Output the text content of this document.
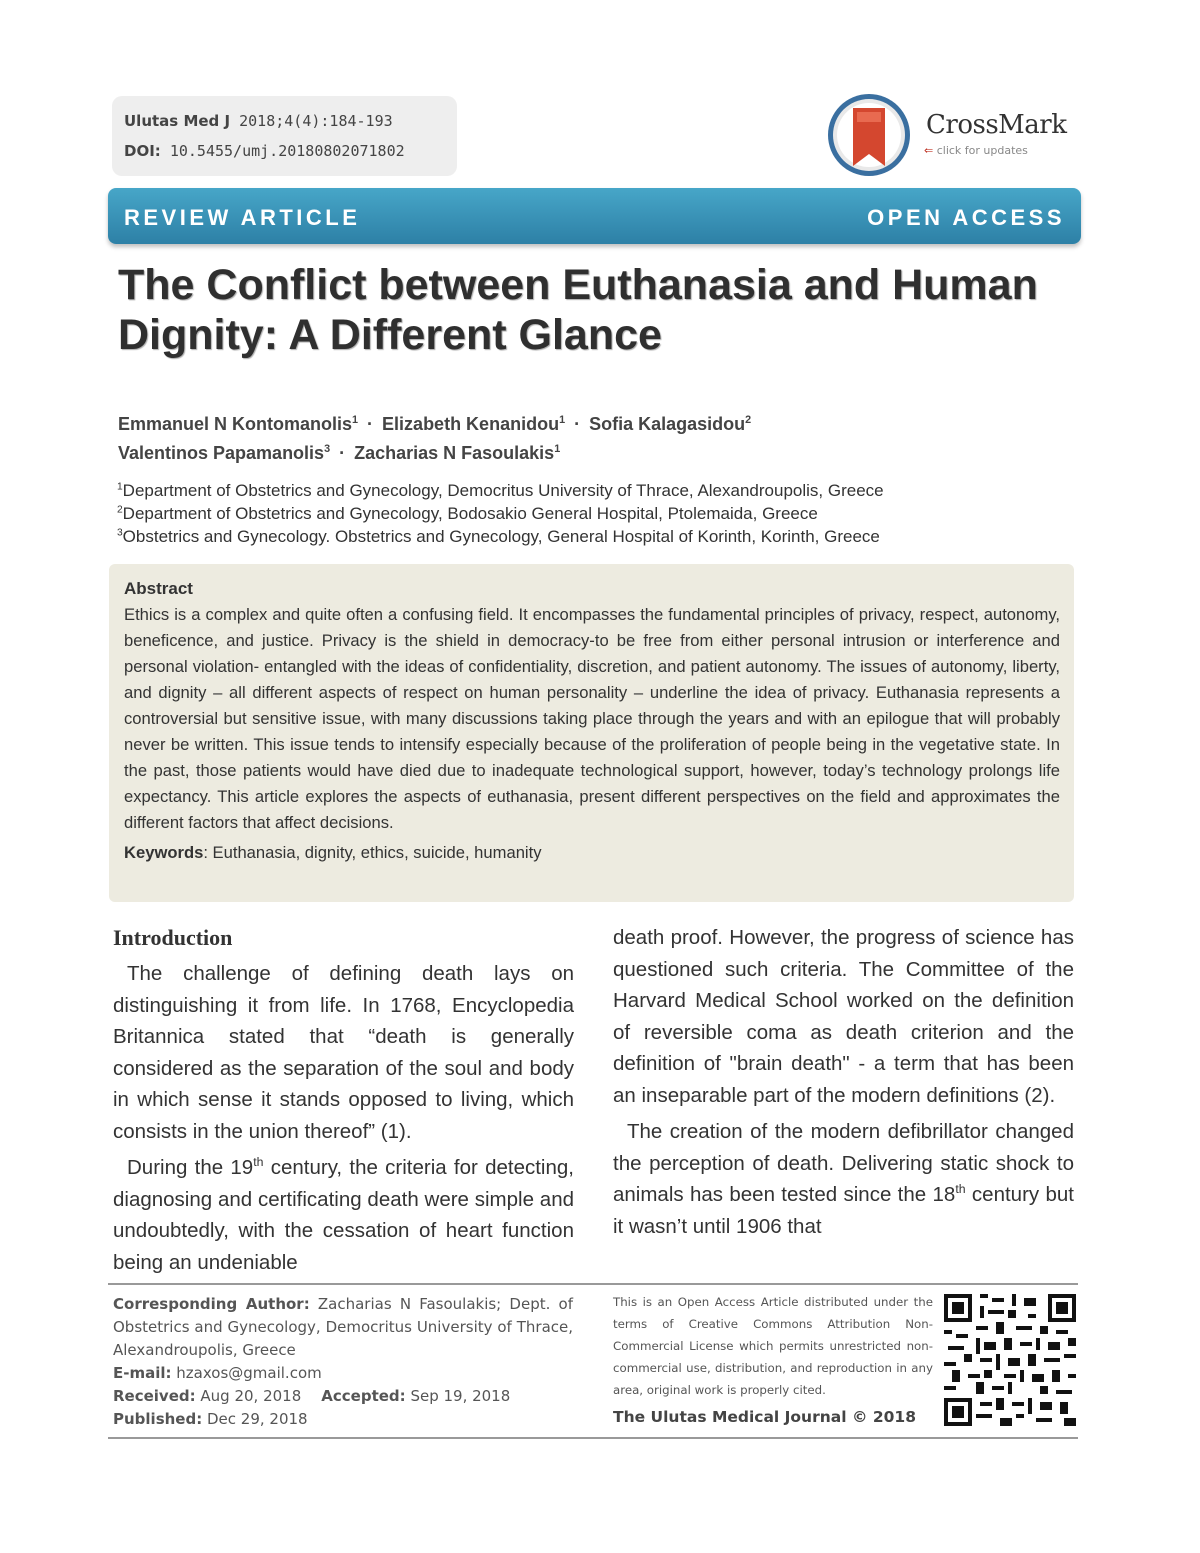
Ulutas Med J 2018;4(4):184-193
DOI: 10.5455/umj.20180802071802
CrossMark
⇐ click for updates
REVIEW ARTICLE	OPEN ACCESS
The Conflict between Euthanasia and Human Dignity: A Different Glance
Emmanuel N Kontomanolis$^1$ · Elizabeth Kenanidou$^1$ · Sofia Kalagasidou$^2$
Valentinos Papamanolis$^3$ · Zacharias N Fasoulakis$^1$
$^1$Department of Obstetrics and Gynecology, Democritus University of Thrace, Alexandroupolis, Greece
$^2$Department of Obstetrics and Gynecology, Bodosakio General Hospital, Ptolemaida, Greece
$^3$Obstetrics and Gynecology. Obstetrics and Gynecology, General Hospital of Korinth, Korinth, Greece

Abstract

Ethics is a complex and quite often a confusing field. It encompasses the fundamental principles of privacy, respect, autonomy, beneficence, and justice. Privacy is the shield in democracy-to be free from either personal intrusion or interference and personal violation- entangled with the ideas of confidentiality, discretion, and patient autonomy. The issues of autonomy, liberty, and dignity – all different aspects of respect on human personality – underline the idea of privacy. Euthanasia represents a controversial but sensitive issue, with many discussions taking place through the years and with an epilogue that will probably never be written. This issue tends to intensify especially because of the proliferation of people being in the vegetative state. In the past, those patients would have died due to inadequate technological support, however, today’s technology prolongs life expectancy. This article explores the aspects of euthanasia, present different perspectives on the field and approximates the different factors that affect decisions.

Keywords: Euthanasia, dignity, ethics, suicide, humanity

Introduction

The challenge of defining death lays on distinguishing it from life. In 1768, Encyclopedia Britannica stated that “death is generally considered as the separation of the soul and body in which sense it stands opposed to living, which consists in the union thereof” (1).

During the 19th century, the criteria for detecting, diagnosing and certificating death were simple and undoubtedly, with the cessation of heart function being an undeniable

death proof. However, the progress of science has questioned such criteria. The Committee of the Harvard Medical School worked on the definition of reversible coma as death criterion and the definition of "brain death" - a term that has been an inseparable part of the modern definitions (2).

The creation of the modern defibrillator changed the perception of death. Delivering static shock to animals has been tested since the 18th century but it wasn’t until 1906 that

Corresponding Author: Zacharias N Fasoulakis; Dept. of Obstetrics and Gynecology, Democritus University of Thrace, Alexandroupolis, Greece

E-mail: hzaxos@gmail.com

Received: Aug 20, 2018 Accepted: Sep 19, 2018

Published: Dec 29, 2018

This is an Open Access Article distributed under the terms of Creative Commons Attribution Non-Commercial License which permits unrestricted non-commercial use, distribution, and reproduction in any area, original work is properly cited.
The Ulutas Medical Journal © 2018
